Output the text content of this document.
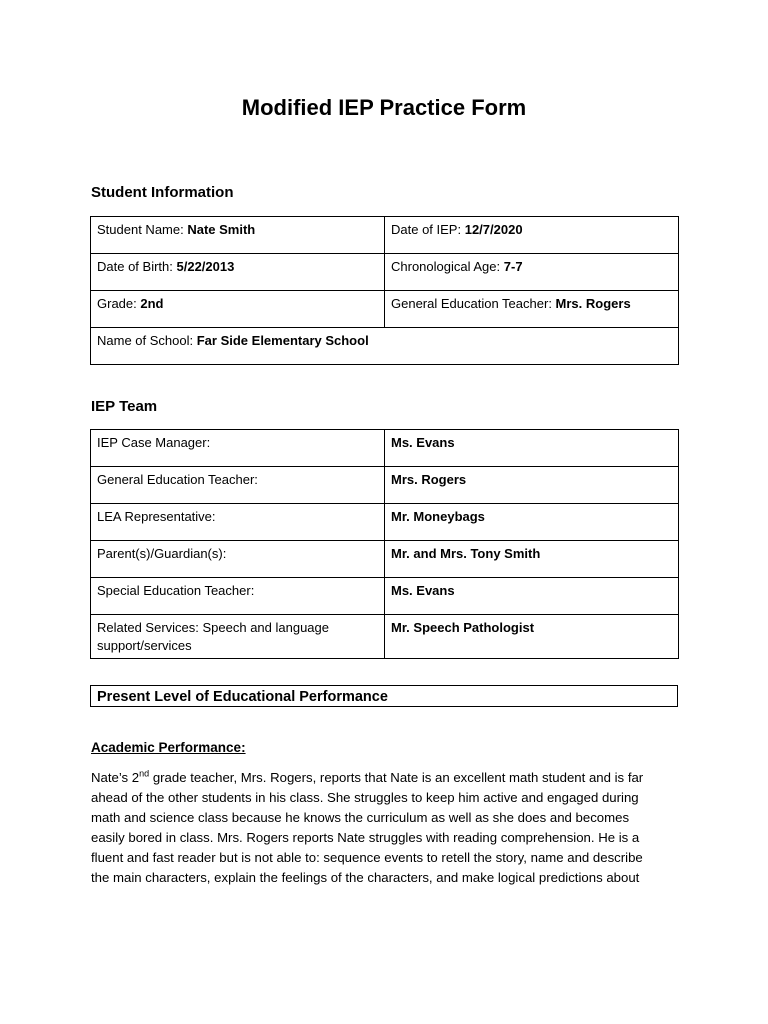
Modified IEP Practice Form
Student Information
Student Name: Nate Smith	Date of IEP: 12/7/2020
Date of Birth: 5/22/2013	Chronological Age: 7-7
Grade: 2nd	General Education Teacher: Mrs. Rogers
Name of School: Far Side Elementary School	
IEP Team
IEP Case Manager:	Ms. Evans
General Education Teacher:	Mrs. Rogers
LEA Representative:	Mr. Moneybags
Parent(s)/Guardian(s):	Mr. and Mrs. Tony Smith
Special Education Teacher:	Ms. Evans
Related Services: Speech and language support/services	Mr. Speech Pathologist
Present Level of Educational Performance
Academic Performance:
Nate’s 2nd grade teacher, Mrs. Rogers, reports that Nate is an excellent math student and is far
ahead of the other students in his class. She struggles to keep him active and engaged during
math and science class because he knows the curriculum as well as she does and becomes
easily bored in class. Mrs. Rogers reports Nate struggles with reading comprehension. He is a
fluent and fast reader but is not able to: sequence events to retell the story, name and describe
the main characters, explain the feelings of the characters, and make logical predictions about
